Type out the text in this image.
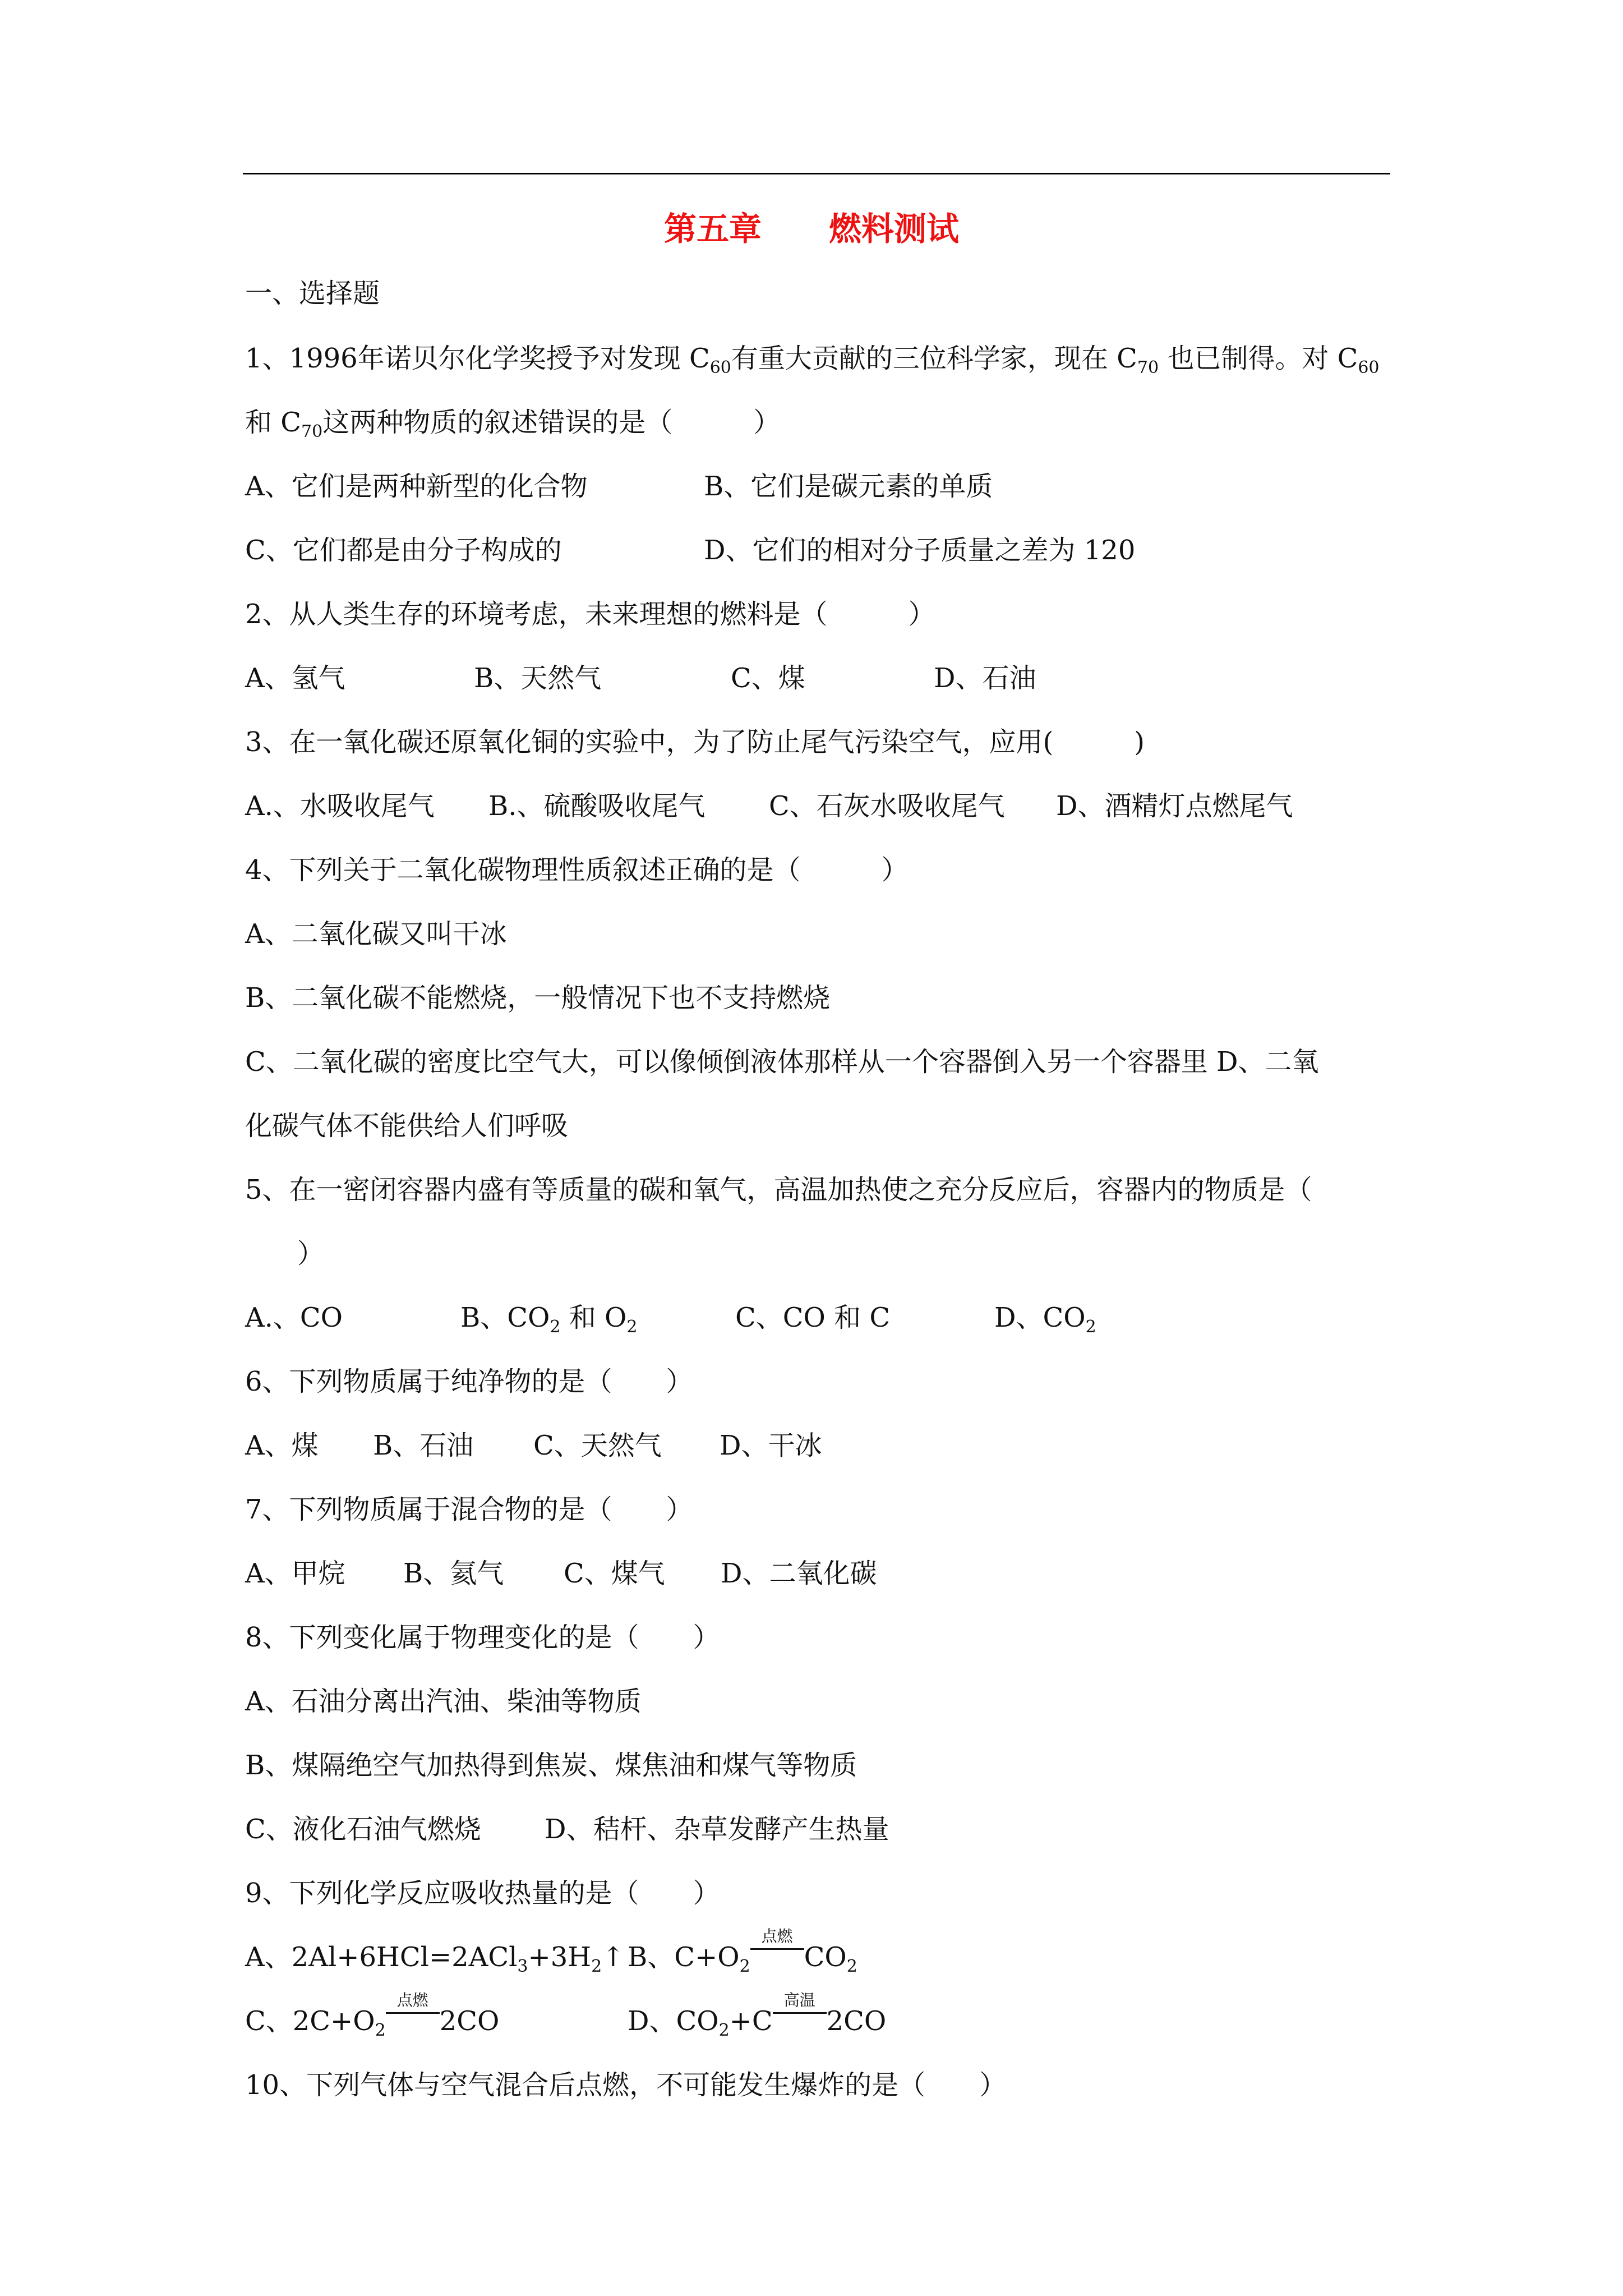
第五章 燃料测试
一、选择题
1、1996年诺贝尔化学奖授予对发现 $C_{60}$有重大贡献的三位科学家，现在 $C_{70}$ 也已制得。对 $C_{60}$
和 $C_{70}$这两种物质的叙述错误的是（　　　）
A、它们是两种新型的化合物	B、它们是碳元素的单质
C、它们都是由分子构成的	D、它们的相对分子质量之差为 120
2、从人类生存的环境考虑，未来理想的燃料是（　　　）
A、氢气	B、天然气	C、煤	D、石油
3、在一氧化碳还原氧化铜的实验中，为了防止尾气污染空气，应用(　　　)
A.、水吸收尾气 B.、硫酸吸收尾气 C、石灰水吸收尾气 D、酒精灯点燃尾气
4、下列关于二氧化碳物理性质叙述正确的是（　　　）
A、二氧化碳又叫干冰
B、二氧化碳不能燃烧，一般情况下也不支持燃烧
C、二氧化碳的密度比空气大，可以像倾倒液体那样从一个容器倒入另一个容器里 D、二氧
化碳气体不能供给人们呼吸
5、在一密闭容器内盛有等质量的碳和氧气，高温加热使之充分反应后，容器内的物质是（
）
A.、CO	B、$CO_2$ 和 $O_2$	C、CO 和 C	D、$CO_2$
6、下列物质属于纯净物的是（　　）
A、煤 B、石油 C、天然气 D、干冰
7、下列物质属于混合物的是（　　）
A、甲烷 B、氦气 C、煤气 D、二氧化碳
8、下列变化属于物理变化的是（　　）
A、石油分离出汽油、柴油等物质
B、煤隔绝空气加热得到焦炭、煤焦油和煤气等物质
C、液化石油气燃烧 D、秸杆、杂草发酵产生热量
9、下列化学反应吸收热量的是（　　）
A、$2Al+6HCl=2ACl_3+3H_2↑$ B、$C+O_2$
点燃
$CO_2$
C、$2C+O_2$
点燃
2CO	D、$CO_2+C$
高温
2CO
10、下列气体与空气混合后点燃，不可能发生爆炸的是（　　）
